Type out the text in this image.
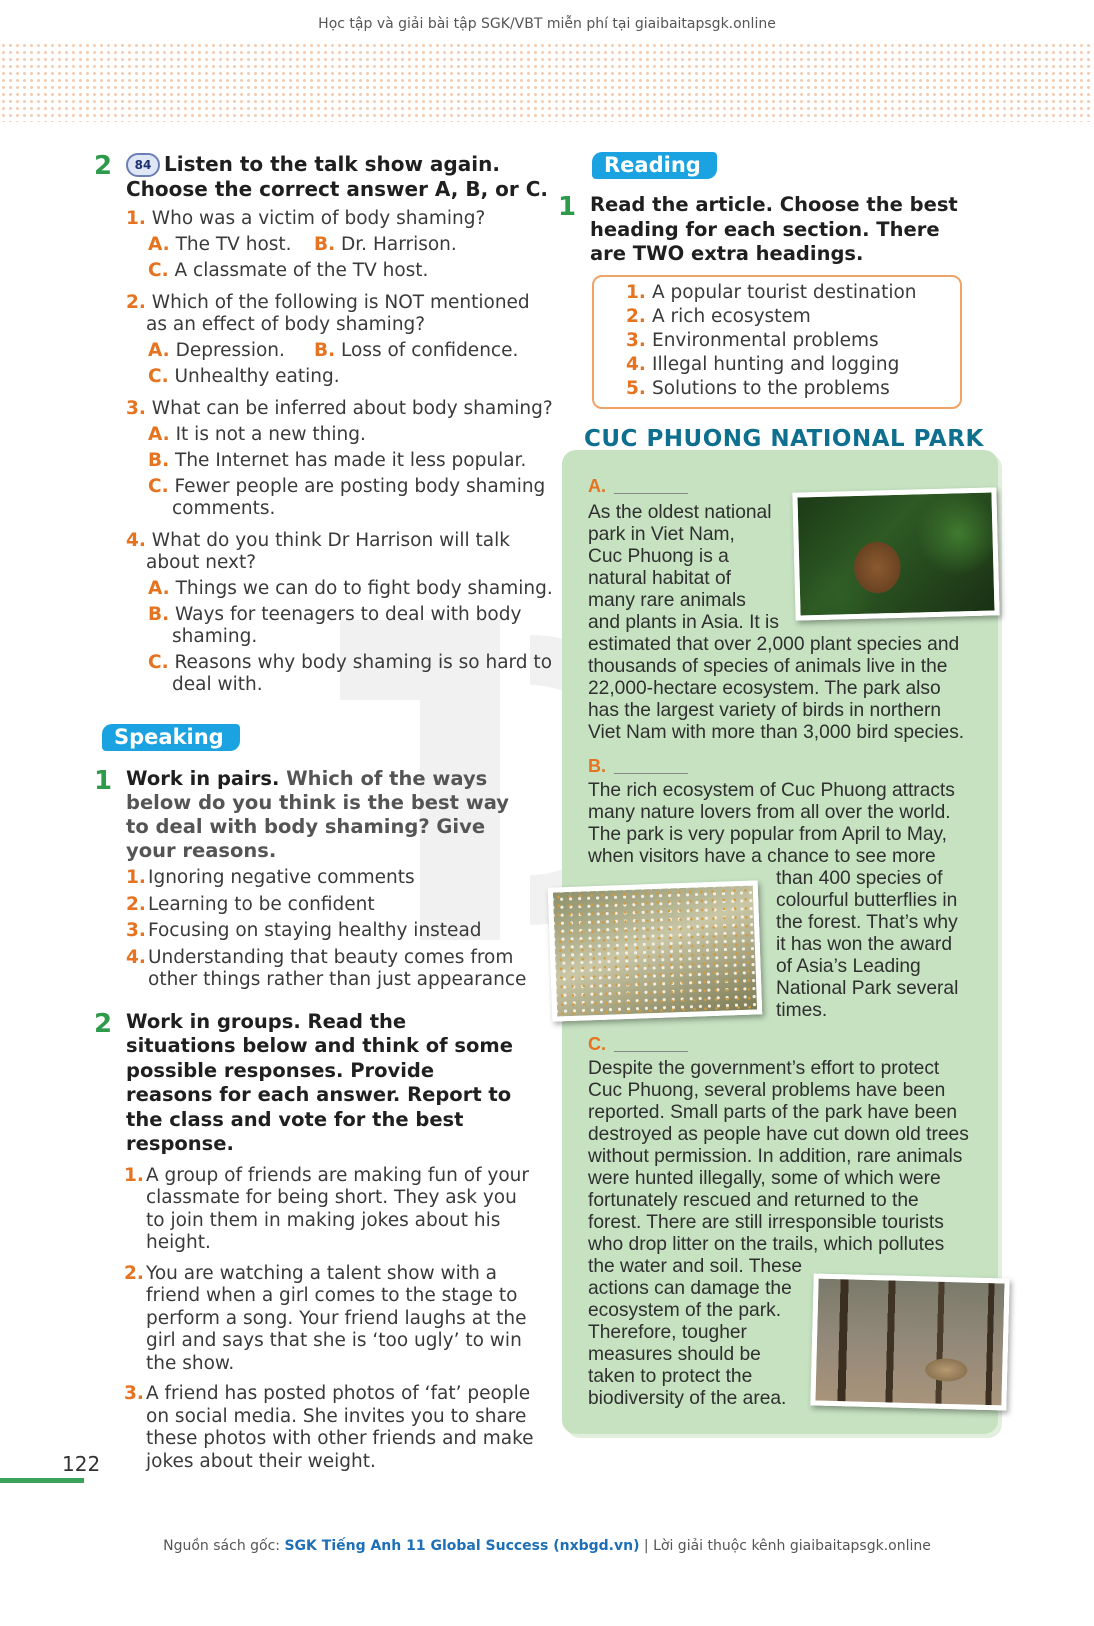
Học tập và giải bài tập SGK/VBT miễn phí tại giaibaitapsgk.online
2	84 Listen to the talk show again.
Choose the correct answer A, B, or C.
1. Who was a victim of body shaming?
A. The TV host.	B. Dr. Harrison.
C. A classmate of the TV host.
2. Which of the following is NOT mentioned as an effect of body shaming?
A. Depression.	B. Loss of confidence.
C. Unhealthy eating.
3. What can be inferred about body shaming?
A. It is not a new thing.
B. The Internet has made it less popular.
C. Fewer people are posting body shaming comments.
4. What do you think Dr Harrison will talk about next?
A. Things we can do to fight body shaming.
B. Ways for teenagers to deal with body shaming.
C. Reasons why body shaming is so hard to deal with.
Speaking
1 Work in pairs. Which of the ways below do you think is the best way to deal with body shaming? Give your reasons.
1. Ignoring negative comments
2. Learning to be confident
3. Focusing on staying healthy instead
4. Understanding that beauty comes from other things rather than just appearance
2 Work in groups. Read the situations below and think of some possible responses. Provide reasons for each answer. Report to the class and vote for the best response.
1. A group of friends are making fun of your classmate for being short. They ask you to join them in making jokes about his height.
2. You are watching a talent show with a friend when a girl comes to the stage to perform a song. Your friend laughs at the girl and says that she is ‘too ugly’ to win the show.
3. A friend has posted photos of ‘fat’ people on social media. She invites you to share these photos with other friends and make jokes about their weight.
Reading
1 Read the article. Choose the best heading for each section. There are TWO extra headings.
1. A popular tourist destination
2. A rich ecosystem
3. Environmental problems
4. Illegal hunting and logging
5. Solutions to the problems
CUC PHUONG NATIONAL PARK
A.
As the oldest national
park in Viet Nam,
Cuc Phuong is a
natural habitat of
many rare animals
and plants in Asia. It is
estimated that over 2,000 plant species and thousands of species of animals live in the 22,000-hectare ecosystem. The park also has the largest variety of birds in northern Viet Nam with more than 3,000 bird species.
B.
The rich ecosystem of Cuc Phuong attracts many nature lovers from all over the world. The park is very popular from April to May, when visitors have a chance to see more
than 400 species of
colourful butterflies in
the forest. That’s why
it has won the award
of Asia’s Leading
National Park several
times.
C.
Despite the government’s effort to protect Cuc Phuong, several problems have been reported. Small parts of the park have been destroyed as people have cut down old trees without permission. In addition, rare animals were hunted illegally, some of which were fortunately rescued and returned to the forest. There are still irresponsible tourists who drop litter on the trails, which pollutes
the water and soil. These
actions can damage the
ecosystem of the park.
Therefore, tougher
measures should be
taken to protect the
biodiversity of the area.
122
Nguồn sách gốc: SGK Tiếng Anh 11 Global Success (nxbgd.vn) | Lời giải thuộc kênh giaibaitapsgk.online
